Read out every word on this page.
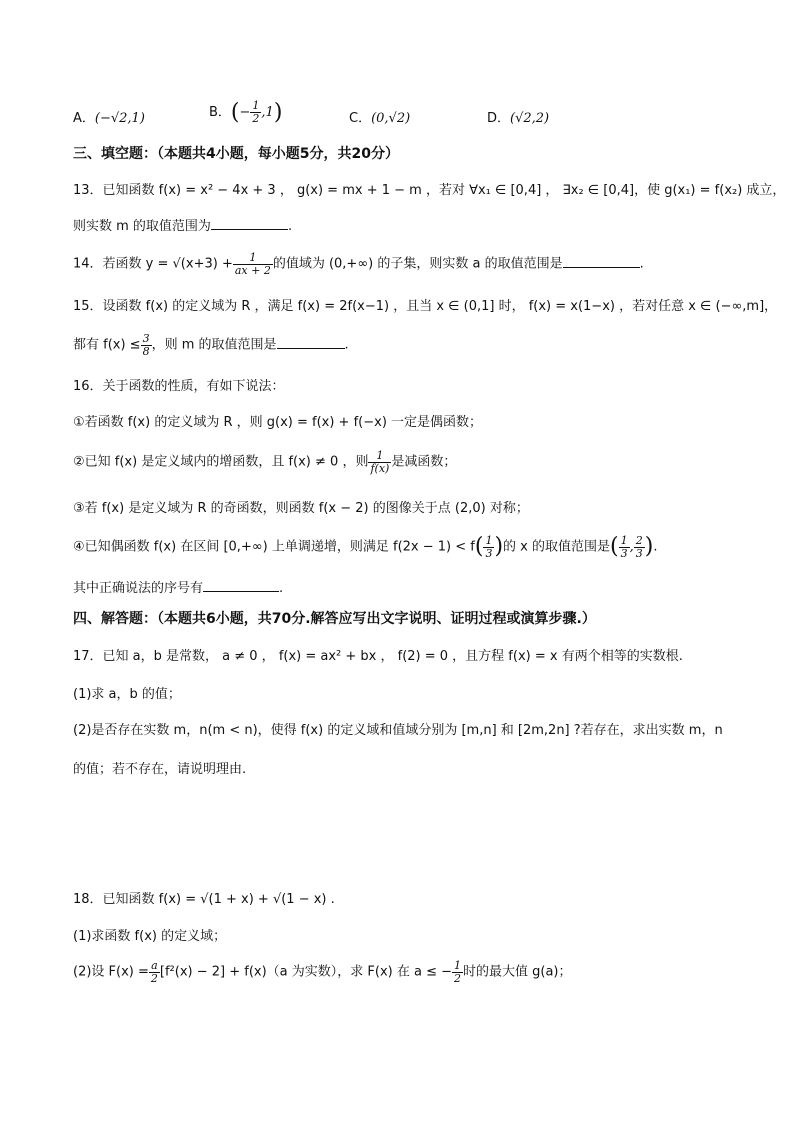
A．(−√2,1)	B．(− $\frac{1}{2} ,1$)	C．(0,√2)	D．(√2,2)
三、填空题：（本题共4小题，每小题5分，共20分）
13．已知函数 f(x) = x² − 4x + 3 ， g(x) = mx + 1 − m ，若对 ∀x₁ ∈ [0,4] ， ∃x₂ ∈ [0,4]，使 g(x₁) = f(x₂) 成立，
则实数 m 的取值范围为	.
14．若函数 $y = √(x+3) + \frac{1}{ax + 2}$ 的值域为 (0,+∞) 的子集，则实数 a 的取值范围是	.
15．设函数 f(x) 的定义域为 R ，满足 f(x) = 2f(x−1) ，且当 x ∈ (0,1] 时， f(x) = x(1−x) ，若对任意 x ∈ (−∞,m]，
都有 $f(x) \le \frac{3}{8}$ ，则 m 的取值范围是	.
16．关于函数的性质，有如下说法：
①若函数 f(x) 的定义域为 R ，则 g(x) = f(x) + f(−x) 一定是偶函数；
②已知 f(x) 是定义域内的增函数，且 f(x) ≠ 0 ，则 $\frac{1}{f(x)}$ 是减函数；
③若 f(x) 是定义域为 R 的奇函数，则函数 f(x − 2) 的图像关于点 (2,0) 对称；
④已知偶函数 f(x) 在区间 [0,+∞) 上单调递增，则满足 $f(2x - 1) < f( \frac{1}{3}$ )的 x 的取值范围是( $\frac{1}{3}$ , $\frac{2}{3}$ ).
其中正确说法的序号有	.
四、解答题：（本题共6小题，共70分.解答应写出文字说明、证明过程或演算步骤.）
17．已知 a，b 是常数， a ≠ 0 ， f(x) = ax² + bx ， f(2) = 0 ，且方程 f(x) = x 有两个相等的实数根.
(1)求 a，b 的值；
(2)是否存在实数 m，n(m < n)，使得 f(x) 的定义域和值域分别为 [m,n] 和 [2m,2n] ?若存在，求出实数 m，n
的值；若不存在，请说明理由.
18．已知函数 f(x) = √(1 + x) + √(1 − x) .
(1)求函数 f(x) 的定义域；
(2)设 $F(x) = \frac{a}{2} [f^2(x) - 2] + f(x)(a$ 为实数），求 F(x) 在 a ≤ − $\frac{1}{2}$ 时的最大值 g(a)；
